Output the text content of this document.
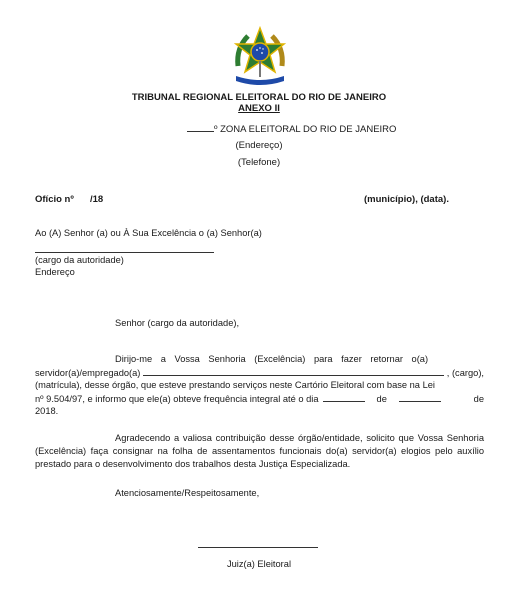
TRIBUNAL REGIONAL ELEITORAL DO RIO DE JANEIRO
ANEXO II
º ZONA ELEITORAL DO RIO DE JANEIRO
(Endereço)
(Telefone)
Ofício nº /18	(município), (data).
Ao (A) Senhor (a) ou À Sua Excelência o (a) Senhor(a)
(cargo da autoridade)
Endereço
Senhor (cargo da autoridade),
Dirijo-me a Vossa Senhoria (Excelência) para fazer retornar o(a)
servidor(a)/empregado(a)	, (cargo),
(matrícula), desse órgão, que esteve prestando serviços neste Cartório Eleitoral com base na Lei
nº 9.504/97, e informo que ele(a) obteve frequência integral até o dia	de	de
2018.
Agradecendo a valiosa contribuição desse órgão/entidade, solicito que Vossa Senhoria (Excelência) faça consignar na folha de assentamentos funcionais do(a) servidor(a) elogios pelo auxílio prestado para o desenvolvimento dos trabalhos desta Justiça Especializada.
Atenciosamente/Respeitosamente,
Juiz(a) Eleitoral
